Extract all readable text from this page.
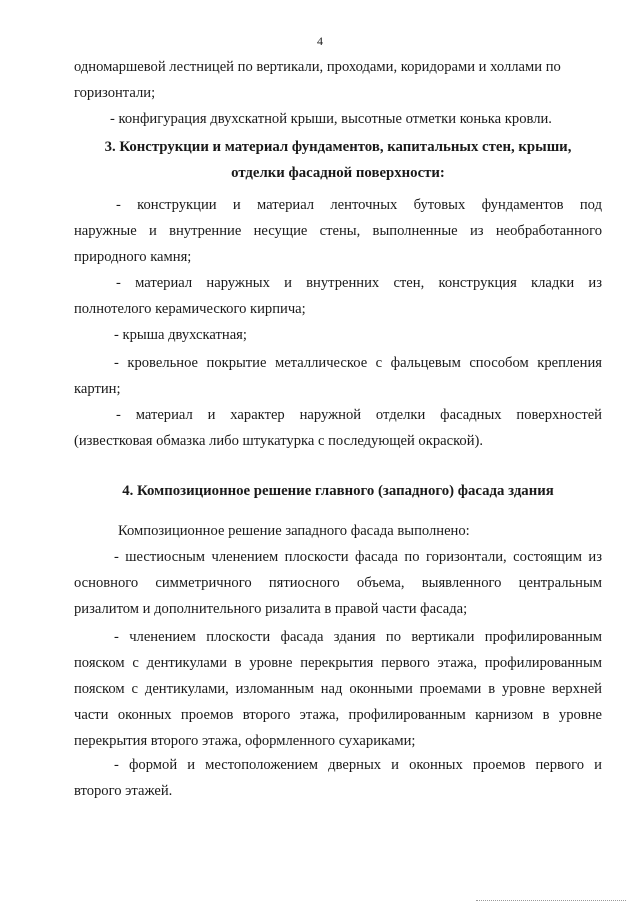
4
одномаршевой лестницей по вертикали, проходами, коридорами и холлами по
горизонтали;
- конфигурация двухскатной крыши, высотные отметки конька кровли.
3. Конструкции и материал фундаментов, капитальных стен, крыши,
отделки фасадной поверхности:
- конструкции и материал ленточных бутовых фундаментов под
наружные и внутренние несущие стены, выполненные из необработанного
природного камня;
- материал наружных и внутренних стен, конструкция кладки из
полнотелого керамического кирпича;
- крыша двухскатная;
- кровельное покрытие металлическое с фальцевым способом крепления
картин;
- материал и характер наружной отделки фасадных поверхностей
(известковая обмазка либо штукатурка с последующей окраской).
4. Композиционное решение главного (западного) фасада здания
Композиционное решение западного фасада выполнено:
- шестиосным членением плоскости фасада по горизонтали, состоящим из
основного симметричного пятиосного объема, выявленного центральным
ризалитом и дополнительного ризалита в правой части фасада;
- членением плоскости фасада здания по вертикали профилированным
пояском с дентикулами в уровне перекрытия первого этажа, профилированным
пояском с дентикулами, изломанным над оконными проемами в уровне верхней
части оконных проемов второго этажа, профилированным карнизом в уровне
перекрытия второго этажа, оформленного сухариками;
- формой и местоположением дверных и оконных проемов первого и
второго этажей.
